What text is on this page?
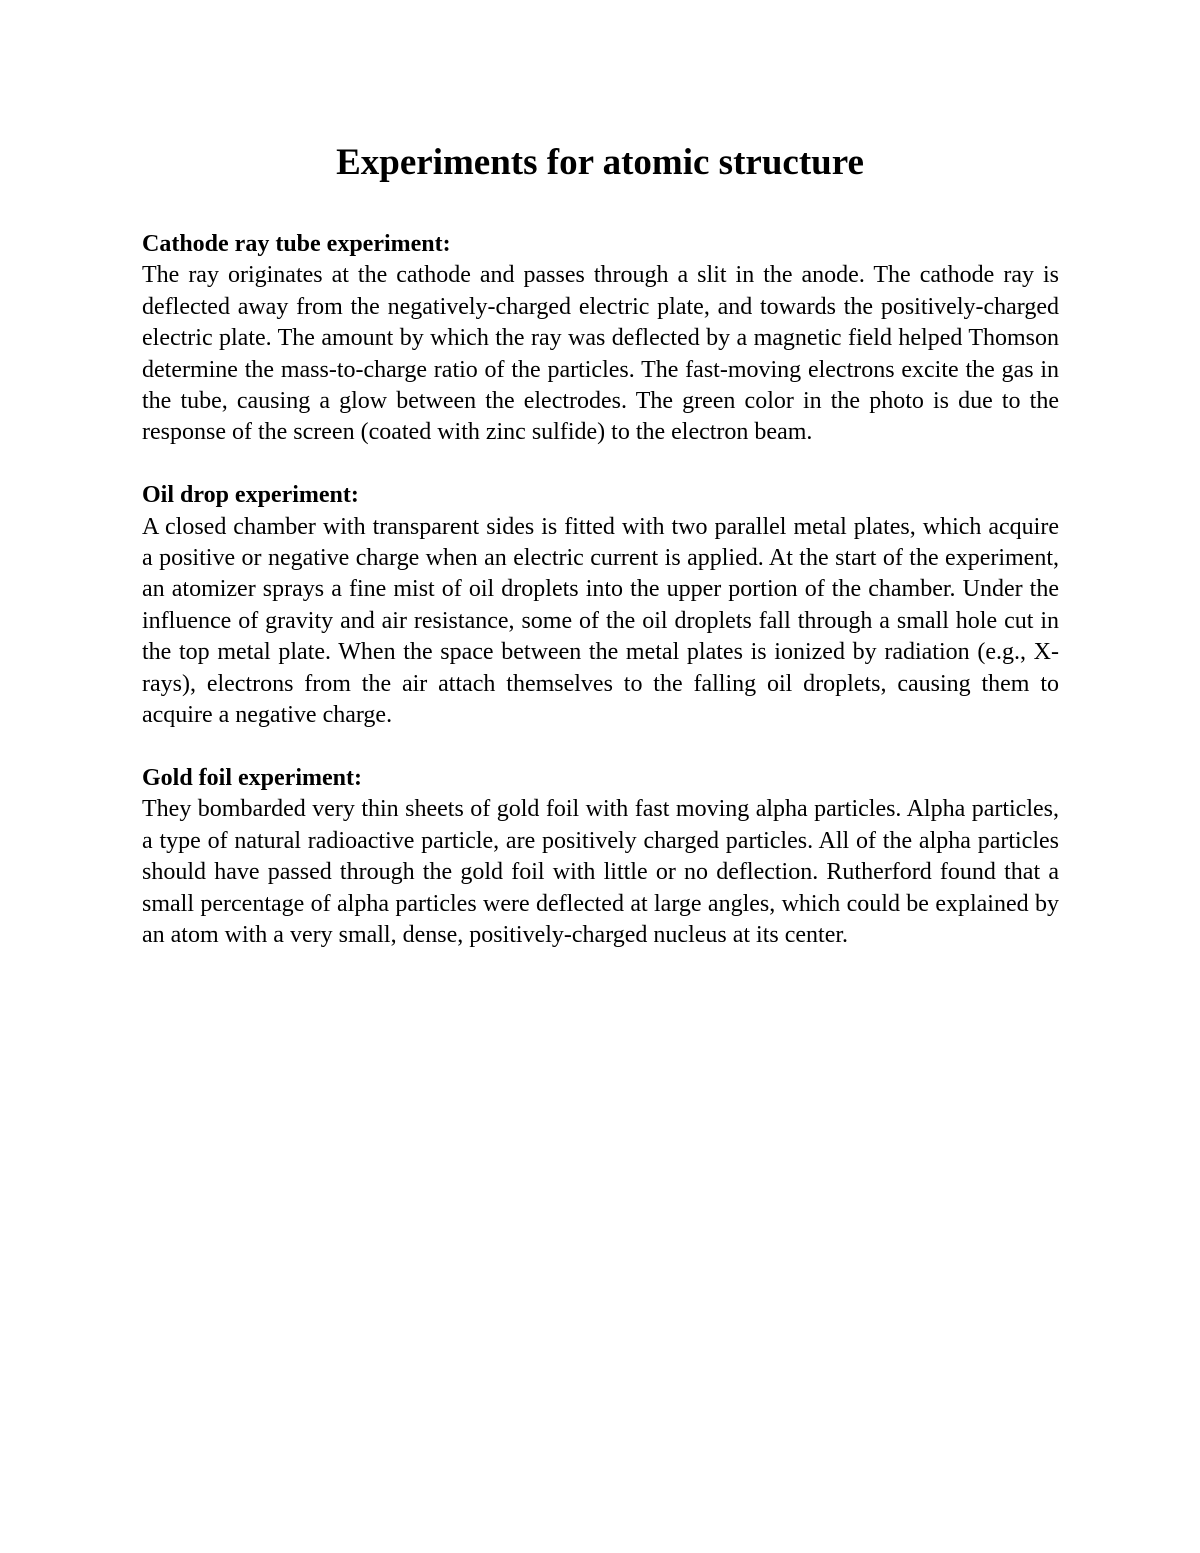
Experiments for atomic structure

Cathode ray tube experiment:

The ray originates at the cathode and passes through a slit in the anode. The cathode ray is deflected away from the negatively-charged electric plate, and towards the positively-charged electric plate. The amount by which the ray was deflected by a magnetic field helped Thomson determine the mass-to-charge ratio of the particles. The fast-moving electrons excite the gas in the tube, causing a glow between the electrodes. The green color in the photo is due to the response of the screen (coated with zinc sulfide) to the electron beam.

Oil drop experiment:

A closed chamber with transparent sides is fitted with two parallel metal plates, which acquire a positive or negative charge when an electric current is applied. At the start of the experiment, an atomizer sprays a fine mist of oil droplets into the upper portion of the chamber. Under the influence of gravity and air resistance, some of the oil droplets fall through a small hole cut in the top metal plate. When the space between the metal plates is ionized by radiation (e.g., X-rays), electrons from the air attach themselves to the falling oil droplets, causing them to acquire a negative charge.

Gold foil experiment:

They bombarded very thin sheets of gold foil with fast moving alpha particles. Alpha particles, a type of natural radioactive particle, are positively charged particles. All of the alpha particles should have passed through the gold foil with little or no deflection. Rutherford found that a small percentage of alpha particles were deflected at large angles, which could be explained by an atom with a very small, dense, positively-charged nucleus at its center.
